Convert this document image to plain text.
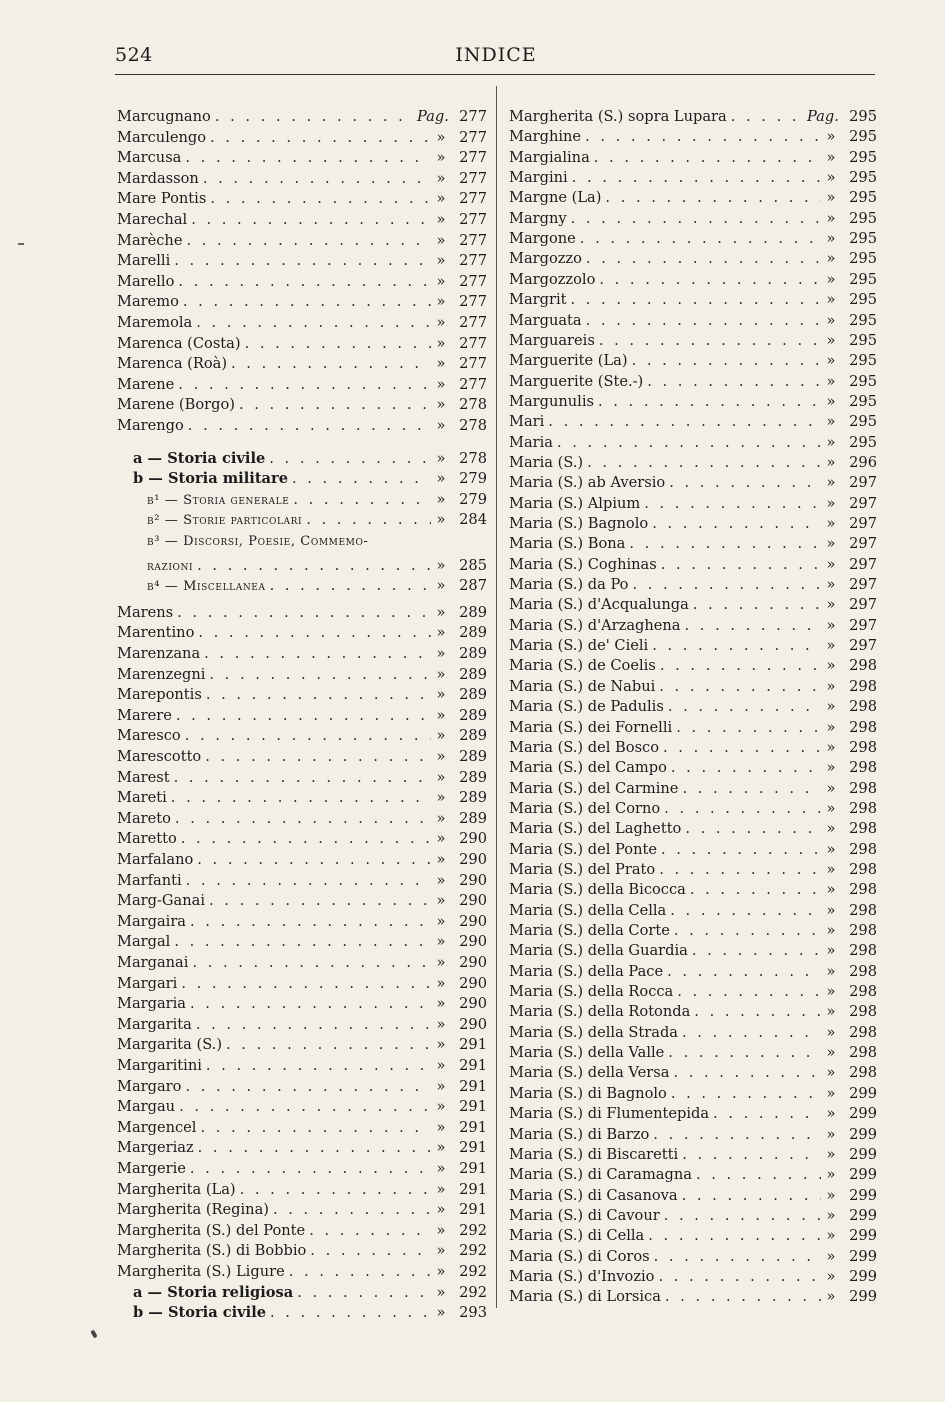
524	INDICE
Marcugnano . . .	Pag. 277
Marculengo . . .	» 277
Marcusa . . .	» 277
Mardasson . . .	» 277
Mare Pontis . . .	» 277
Marechal . . .	» 277
Marèche . . .	» 277
Marelli . . .	» 277
Marello . . .	» 277
Maremo . . .	» 277
Maremola . . .	» 277
Marenca (Costa) . . .	» 277
Marenca (Roà) . . .	» 277
Marene . . .	» 277
Marene (Borgo) . . .	» 278
Marengo . . .	» 278
a — Storia civile . . .	» 278
b — Storia militare . . .	» 279
b¹ — Storia generale . . .	» 279
b² — Storie particolari . . .	» 284
b³ — Discorsi, Poesie, Commemo-
razioni . . .	» 285
b⁴ — Miscellanea . . .	» 287
Marens . . .	» 289
Marentino . . .	» 289
Marenzana . . .	» 289
Marenzegni . . .	» 289
Marepontis . . .	» 289
Marere . . .	» 289
Maresco . . .	» 289
Marescotto . . .	» 289
Marest . . .	» 289
Mareti . . .	» 289
Mareto . . .	» 289
Maretto . . .	» 290
Marfalano . . .	» 290
Marfanti . . .	» 290
Marg-Ganai . . .	» 290
Margaira . . .	» 290
Margal . . .	» 290
Marganai . . .	» 290
Margari . . .	» 290
Margaria . . .	» 290
Margarita . . .	» 290
Margarita (S.) . . .	» 291
Margaritini . . .	» 291
Margaro . . .	» 291
Margau . . .	» 291
Margencel . . .	» 291
Margeriaz . . .	» 291
Margerie . . .	» 291
Margherita (La) . . .	» 291
Margherita (Regina) . . .	» 291
Margherita (S.) del Ponte . . .	» 292
Margherita (S.) di Bobbio . . .	» 292
Margherita (S.) Ligure . . .	» 292
a — Storia religiosa . . .	» 292
b — Storia civile . . .	» 293
Margherita (S.) sopra Lupara . . .	Pag. 295
Marghine . . .	» 295
Margialina . . .	» 295
Margini . . .	» 295
Margne (La) . . .	» 295
Margny . . .	» 295
Margone . . .	» 295
Margozzo . . .	» 295
Margozzolo . . .	» 295
Margrit . . .	» 295
Marguata . . .	» 295
Marguareis . . .	» 295
Marguerite (La) . . .	» 295
Marguerite (Ste.-) . . .	» 295
Margunulis . . .	» 295
Mari . . .	» 295
Maria . . .	» 295
Maria (S.) . . .	» 296
Maria (S.) ab Aversio . . .	» 297
Maria (S.) Alpium . . .	» 297
Maria (S.) Bagnolo . . .	» 297
Maria (S.) Bona . . .	» 297
Maria (S.) Coghinas . . .	» 297
Maria (S.) da Po . . .	» 297
Maria (S.) d'Acqualunga . . .	» 297
Maria (S.) d'Arzaghena . . .	» 297
Maria (S.) de' Cieli . . .	» 297
Maria (S.) de Coelis . . .	» 298
Maria (S.) de Nabui . . .	» 298
Maria (S.) de Padulis . . .	» 298
Maria (S.) dei Fornelli . . .	» 298
Maria (S.) del Bosco . . .	» 298
Maria (S.) del Campo . . .	» 298
Maria (S.) del Carmine . . .	» 298
Maria (S.) del Corno . . .	» 298
Maria (S.) del Laghetto . . .	» 298
Maria (S.) del Ponte . . .	» 298
Maria (S.) del Prato . . .	» 298
Maria (S.) della Bicocca . . .	» 298
Maria (S.) della Cella . . .	» 298
Maria (S.) della Corte . . .	» 298
Maria (S.) della Guardia . . .	» 298
Maria (S.) della Pace . . .	» 298
Maria (S.) della Rocca . . .	» 298
Maria (S.) della Rotonda . . .	» 298
Maria (S.) della Strada . . .	» 298
Maria (S.) della Valle . . .	» 298
Maria (S.) della Versa . . .	» 298
Maria (S.) di Bagnolo . . .	» 299
Maria (S.) di Flumentepida . . .	» 299
Maria (S.) di Barzo . . .	» 299
Maria (S.) di Biscaretti . . .	» 299
Maria (S.) di Caramagna . . .	» 299
Maria (S.) di Casanova . . .	» 299
Maria (S.) di Cavour . . .	» 299
Maria (S.) di Cella . . .	» 299
Maria (S.) di Coros . . .	» 299
Maria (S.) d'Invozio . . .	» 299
Maria (S.) di Lorsica . . .	» 299
